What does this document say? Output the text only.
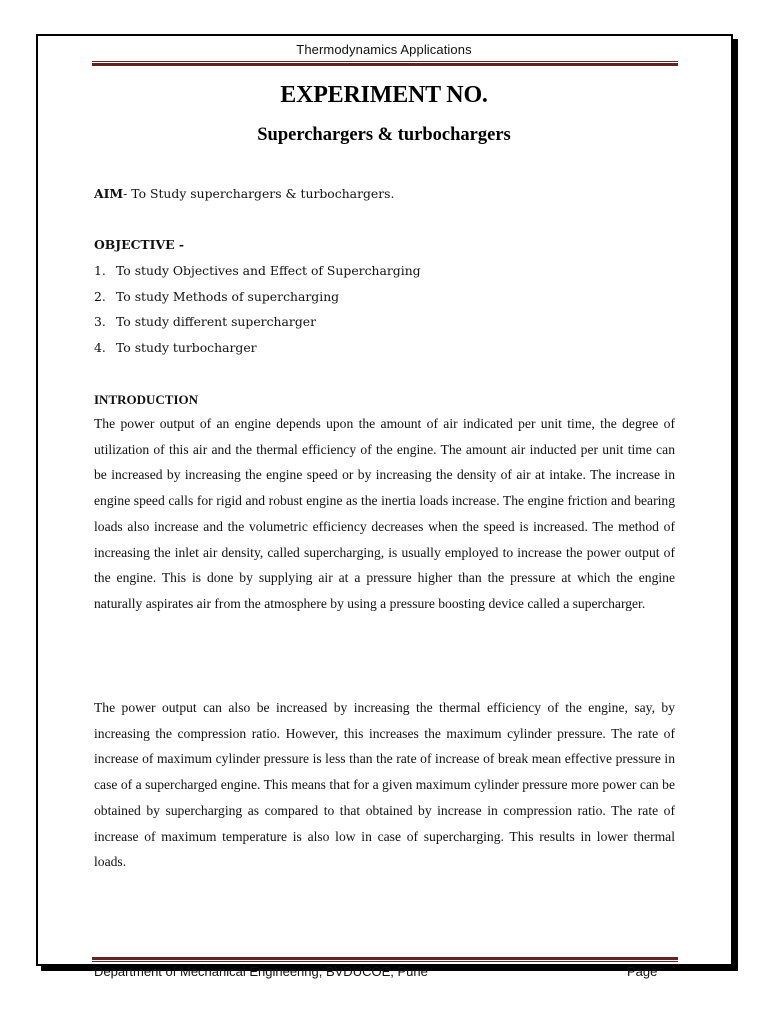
Thermodynamics Applications
EXPERIMENT NO.
Superchargers & turbochargers
AIM- To Study superchargers & turbochargers.
OBJECTIVE -
1. To study Objectives and Effect of Supercharging
2. To study Methods of supercharging
3. To study different supercharger
4. To study turbocharger
INTRODUCTION

The power output of an engine depends upon the amount of air indicated per unit time, the degree of utilization of this air and the thermal efficiency of the engine. The amount air inducted per unit time can be increased by increasing the engine speed or by increasing the density of air at intake. The increase in engine speed calls for rigid and robust engine as the inertia loads increase. The engine friction and bearing loads also increase and the volumetric efficiency decreases when the speed is increased. The method of increasing the inlet air density, called supercharging, is usually employed to increase the power output of the engine. This is done by supplying air at a pressure higher than the pressure at which the engine naturally aspirates air from the atmosphere by using a pressure boosting device called a supercharger.

The power output can also be increased by increasing the thermal efficiency of the engine, say, by increasing the compression ratio. However, this increases the maximum cylinder pressure. The rate of increase of maximum cylinder pressure is less than the rate of increase of break mean effective pressure in case of a supercharged engine. This means that for a given maximum cylinder pressure more power can be obtained by supercharging as compared to that obtained by increase in compression ratio. The rate of increase of maximum temperature is also low in case of supercharging. This results in lower thermal loads.

Department of Mechanical Engineering, BVDUCOE, Pune	Page
